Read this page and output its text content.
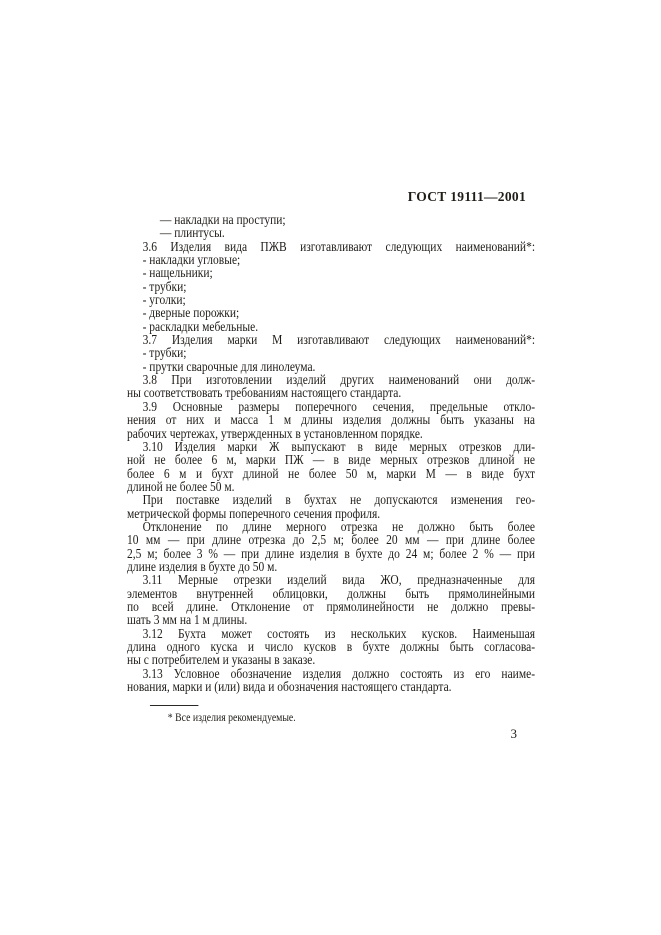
ГОСТ 19111—2001
— накладки на проступи;
— плинтусы.
3.6 Изделия вида ПЖВ изготавливают следующих наименований*:
- накладки угловые;
- нащельники;
- трубки;
- уголки;
- дверные порожки;
- раскладки мебельные.
3.7 Изделия марки М изготавливают следующих наименований*:
- трубки;
- прутки сварочные для линолеума.
3.8 При изготовлении изделий других наименований они долж-
ны соответствовать требованиям настоящего стандарта.
3.9 Основные размеры поперечного сечения, предельные откло-
нения от них и масса 1 м длины изделия должны быть указаны на
рабочих чертежах, утвержденных в установленном порядке.
3.10 Изделия марки Ж выпускают в виде мерных отрезков дли-
ной не более 6 м, марки ПЖ — в виде мерных отрезков длиной не
более 6 м и бухт длиной не более 50 м, марки М — в виде бухт
длиной не более 50 м.
При поставке изделий в бухтах не допускаются изменения гео-
метрической формы поперечного сечения профиля.
Отклонение по длине мерного отрезка не должно быть более
10 мм — при длине отрезка до 2,5 м; более 20 мм — при длине более
2,5 м; более 3 % — при длине изделия в бухте до 24 м; более 2 % — при
длине изделия в бухте до 50 м.
3.11 Мерные отрезки изделий вида ЖО, предназначенные для
элементов внутренней облицовки, должны быть прямолинейными
по всей длине. Отклонение от прямолинейности не должно превы-
шать 3 мм на 1 м длины.
3.12 Бухта может состоять из нескольких кусков. Наименьшая
длина одного куска и число кусков в бухте должны быть согласова-
ны с потребителем и указаны в заказе.
3.13 Условное обозначение изделия должно состоять из его наиме-
нования, марки и (или) вида и обозначения настоящего стандарта.
* Все изделия рекомендуемые.
3
